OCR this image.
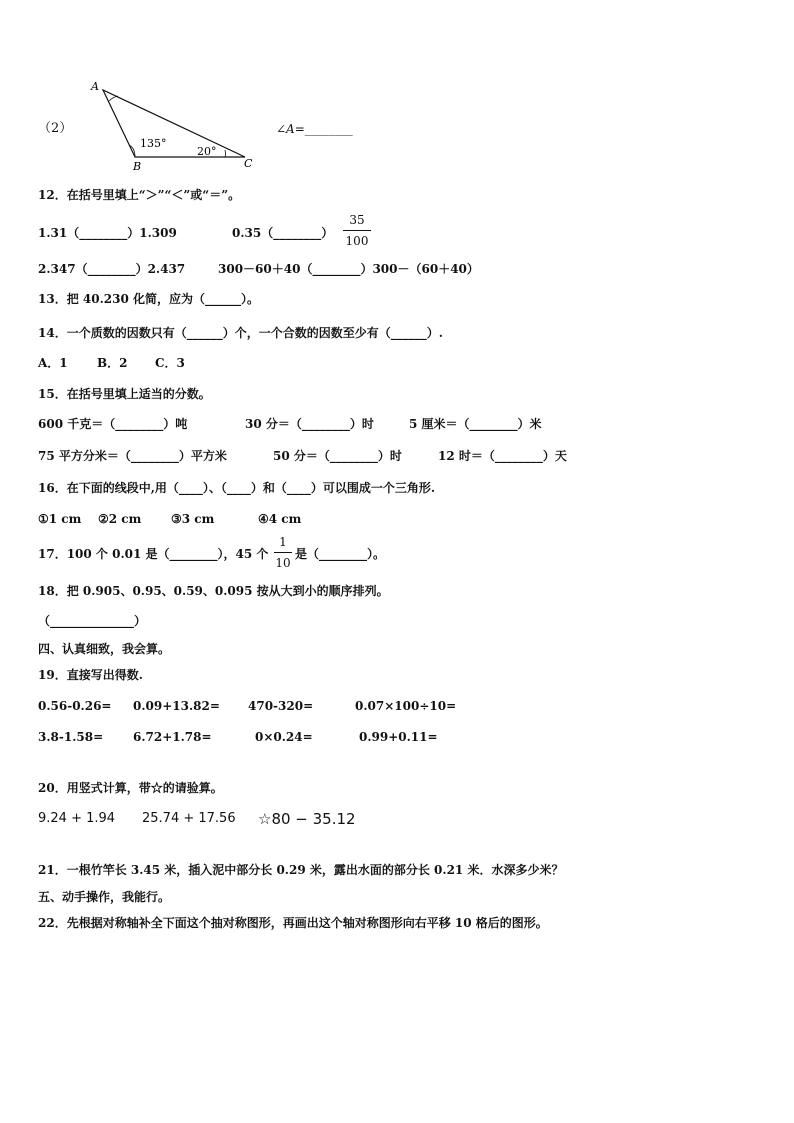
（2）
A
B	C
135°
20°
∠A=________
12．在括号里填上“＞”“＜”或“＝”。
1.31（________）1.309	0.35（________）
35
100
2.347（________）2.437	300－60＋40（________）300－（60＋40）
13．把 40.230 化简，应为（______）。
14．一个质数的因数只有（______）个，一个合数的因数至少有（______）.
A．1 B．2 C．3
15．在括号里填上适当的分数。
600 千克＝（________）吨	30 分＝（________）时	5 厘米＝（________）米
75 平方分米＝（________）平方米	50 分＝（________）时	12 时＝（________）天
16．在下面的线段中,用（____）、（____）和（____）可以围成一个三角形.
①1 cm ②2 cm ③3 cm	④4 cm
17．100 个 0.01 是（________），45 个
1
10
是（________）。
18．把 0.905、0.95、0.59、0.095 按从大到小的顺序排列。
（______________）
四、认真细致，我会算。
19．直接写出得数.
0.56-0.26= 0.09+13.82= 470-320=	0.07×100÷10=
3.8-1.58= 6.72+1.78=	0×0.24=	0.99+0.11=
20．用竖式计算，带☆的请验算。
9.24 + 1.94 25.74 + 17.56 ☆80 − 35.12
21．一根竹竿长 3.45 米，插入泥中部分长 0.29 米，露出水面的部分长 0.21 米．水深多少米？
五、动手操作，我能行。
22．先根据对称轴补全下面这个抽对称图形，再画出这个轴对称图形向右平移 10 格后的图形。
